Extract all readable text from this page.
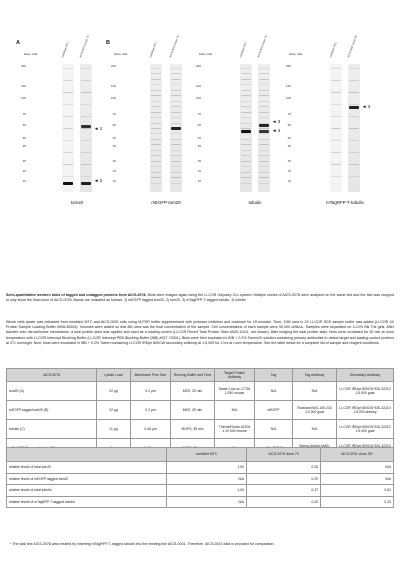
A
Mass, kDa	unedited WTC	AICS-0078 clone 79
260
140
100
70
50
40
35
25
15
10
◄ 1
◄ 2
tom20
B
Mass, kDa	unedited WTC	AICS-0078 clone 79
260
140
100
70
50
40
35
25
15
10
mEGFP-tom20
Mass, kDa	unedited WTC	AICS-0078 clone 79
260
140
100
70
50
40
35
25
15
10
◄ 3
◄ 4
tubulin
Mass, kDa	unedited WTC	AICS-0031 clone 35
260
140
100
70
50
40
35
25
15
10
◄ 3
mTagRFP-T-tubulin

Semi-quantitative western blots of tagged and untagged proteins from AICS-0078. Blots were imaged again using the LI-COR Odyssey CLx system. Multiple clones of AICS-0078 were analyzed on the same blot and the blot was cropped to only show the final clone of AICS-0078. Bands are indicated as follows: 1) mEGFP tagged tom20, 2) tom20, 3) mTagRFP-T-tagged tubulin, 4) tubulin

Whole cells lysate was extracted from unedited WTC and AICS-0093 cells using M-PER buffer supplemented with protease inhibitors and nuclease for 15 minutes. Then, 10M urea in 2X LI-COR SDS sample buffer was added (LI-COR 4X Protein Sample Loading Buffer #928-40004). Volumes were added so that 8M urea was the final concentration of the sample. Cell concentrations of each sample were 50,000 cells/uL. Samples were separated on 4-12% Bis Tris gels. After transfer onto nitrocellulose membranes, a total protein stain was applied and used as a loading control (LI-COR Revert Total Protein Stain #926-11011, not shown). After imaging the total protein stain, blots were incubated for 30 min at room temperature with LI-COR Intercept Blocking Buffer (LI-COR Intercept PBS Blocking Buffer (IBB) #927-70001). Blots were then incubated in IBB + 0.2% Tween20 solution containing primary antibodies to detect target and loading control proteins at 4°C overnight. Next, blots were incubated in IBB + 0.2% Tween containing LI-COR IRDye 800CW secondary antibody at 1:5,000 for 1 hrs at room temperature. See the table below for a complete list of sample and reagent conditions.

AICS-0078	Lysate Load	Membrane Pore Size	Running Buffer and Time	Target Protein Antibody	Tag	Tag Antibody	Secondary Antibody
tom20 (A)	22 µg	0.2 µm	MES, 25 min	Santa Cruz sc-17764 1:250 mouse	N/A	N/A	LI-COR IRDye 800CW 926-32210 1:5,000 goat
mEGFP-tagged tom20 (B)	22 µg	0.2 µm	MES, 25 min	N/A	mEGFP	Rockland 600-100-215 1:2,000 goat	LI-COR IRDye 800CW 926-32214 1:5,000 donkey
tubulin (C)	11 µg	0.45 µm	MOPS, 35 min	ThermoFisher 62204 1:10,000 mouse	N/A	N/A	LI-COR IRDye 800CW 926-32210 1:5,000 goat
						Sigma-Aldrich MAB-	LI-COR IRDye 800CW 926-32210
	unedited WTC	AICS-0078 clone 79	AICS-0031 clone 35*
relative levels of total tom20	1.00	0.26	N/A
relative levels of mEGFP-tagged tom20	N/A	0.29	N/A
relative levels of total tubulin	1.00	0.37	0.52
relative levels of mTagRFP-T-tagged tubulin	N/A	0.20	0.23

* The stail line AICS-0078 was created by inserting mTagRFP-T-tagged tubulin into the existing line AICS-0031. Therefore, AICS-0031 data is provided for comparison.
